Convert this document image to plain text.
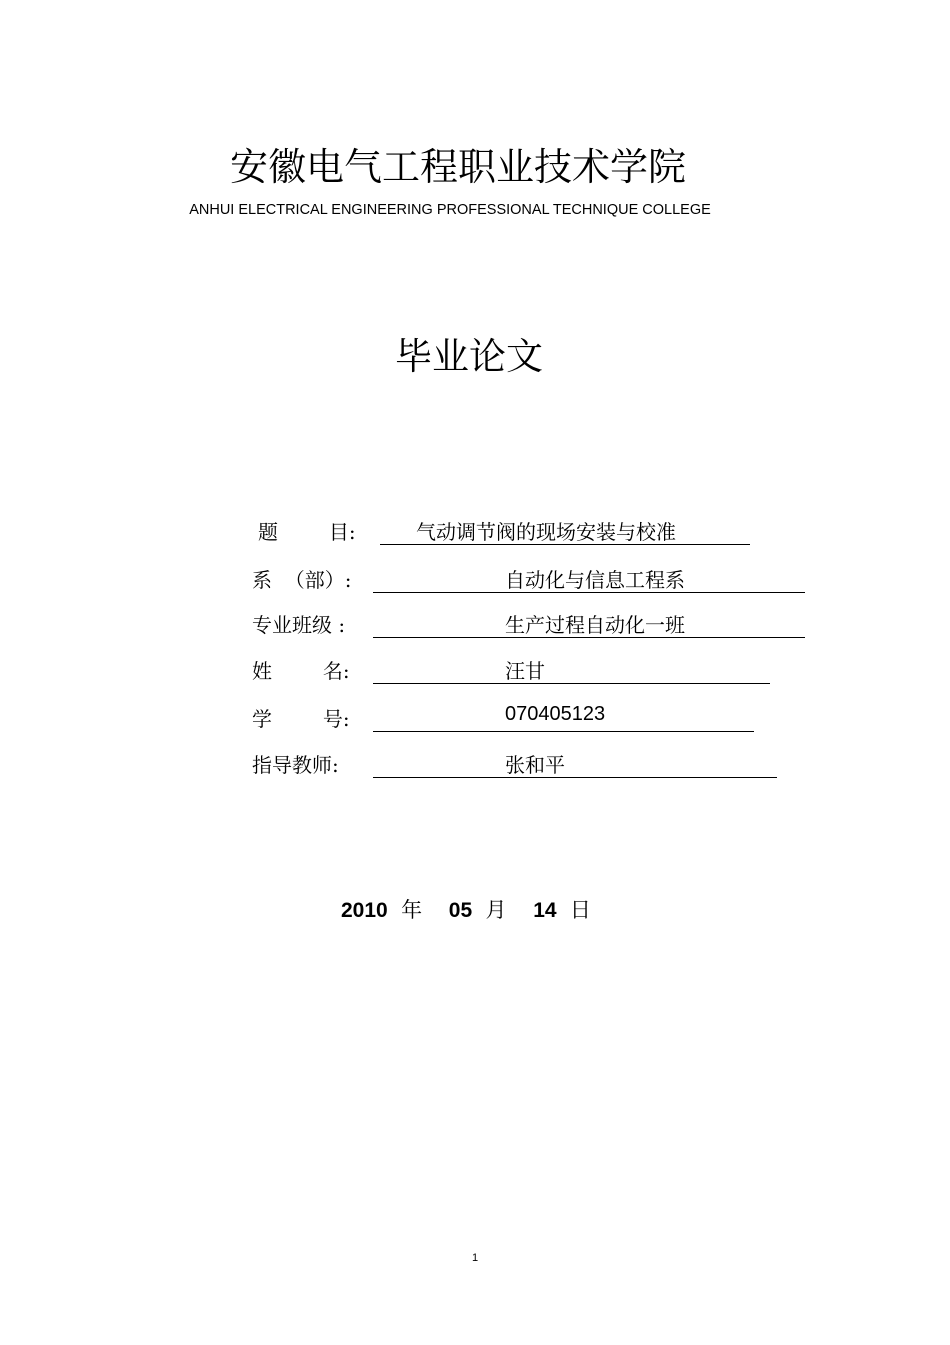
安徽电气工程职业技术学院
ANHUI ELECTRICAL ENGINEERING PROFESSIONAL TECHNIQUE COLLEGE
毕业论文
题        目:	气动调节阀的现场安装与校准
系  （部）:	自动化与信息工程系
专业班级 :	生产过程自动化一班
姓        名:	汪甘
学        号:	070405123
指导教师:	张和平
2010 年 05 月 14 日
1
